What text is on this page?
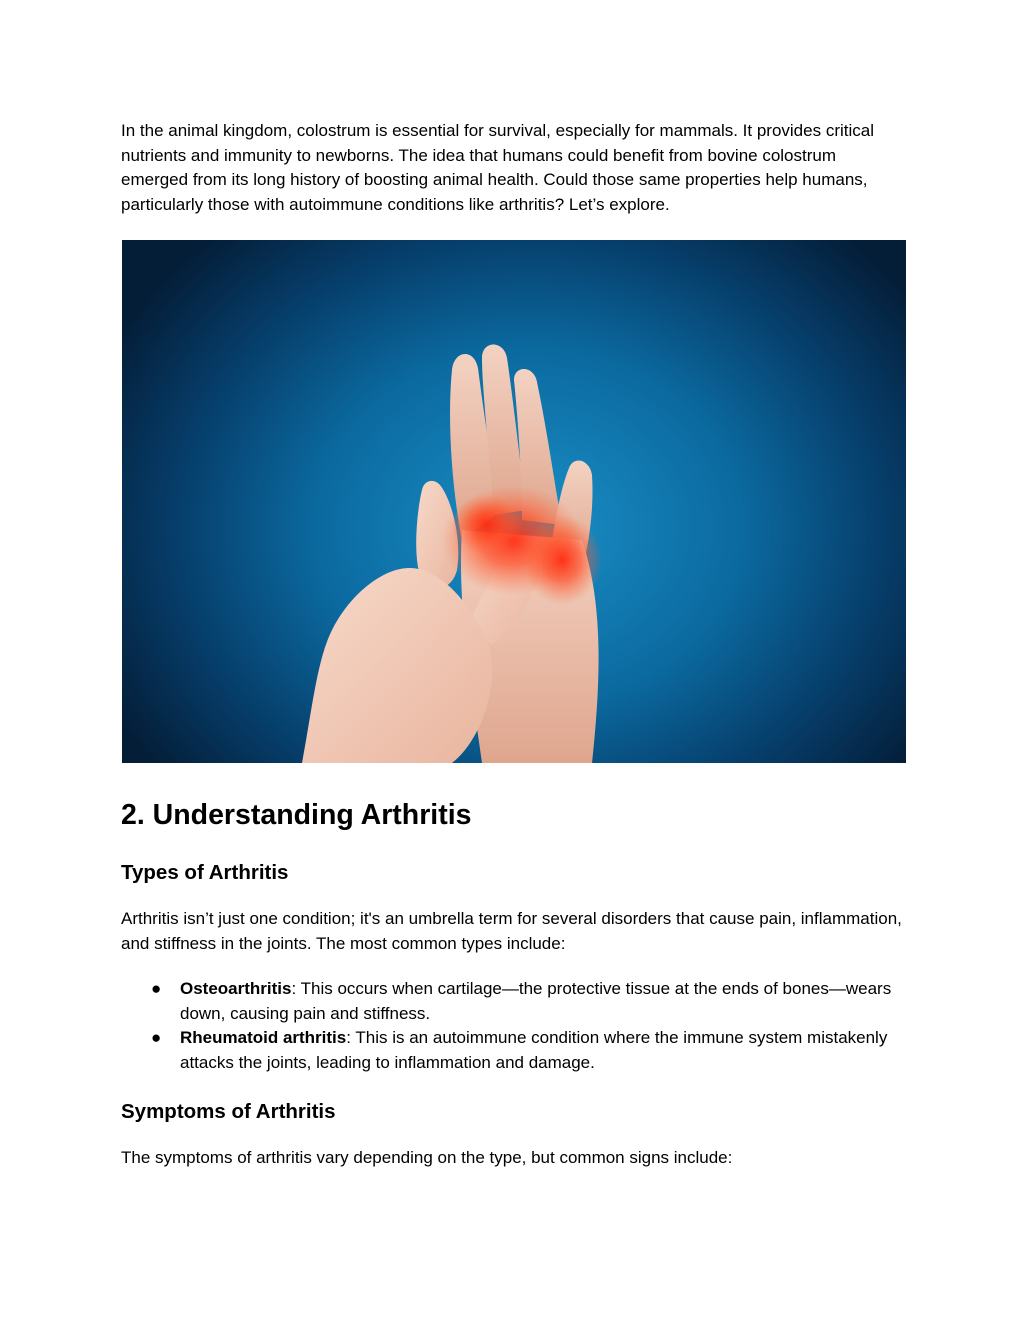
In the animal kingdom, colostrum is essential for survival, especially for mammals. It provides critical nutrients and immunity to newborns. The idea that humans could benefit from bovine colostrum emerged from its long history of boosting animal health. Could those same properties help humans, particularly those with autoimmune conditions like arthritis? Let’s explore.

2. Understanding Arthritis
Types of Arthritis

Arthritis isn’t just one condition; it's an umbrella term for several disorders that cause pain, inflammation, and stiffness in the joints. The most common types include:

● Osteoarthritis: This occurs when cartilage—the protective tissue at the ends of bones—wears down, causing pain and stiffness.
● Rheumatoid arthritis: This is an autoimmune condition where the immune system mistakenly attacks the joints, leading to inflammation and damage.
Symptoms of Arthritis

The symptoms of arthritis vary depending on the type, but common signs include:
